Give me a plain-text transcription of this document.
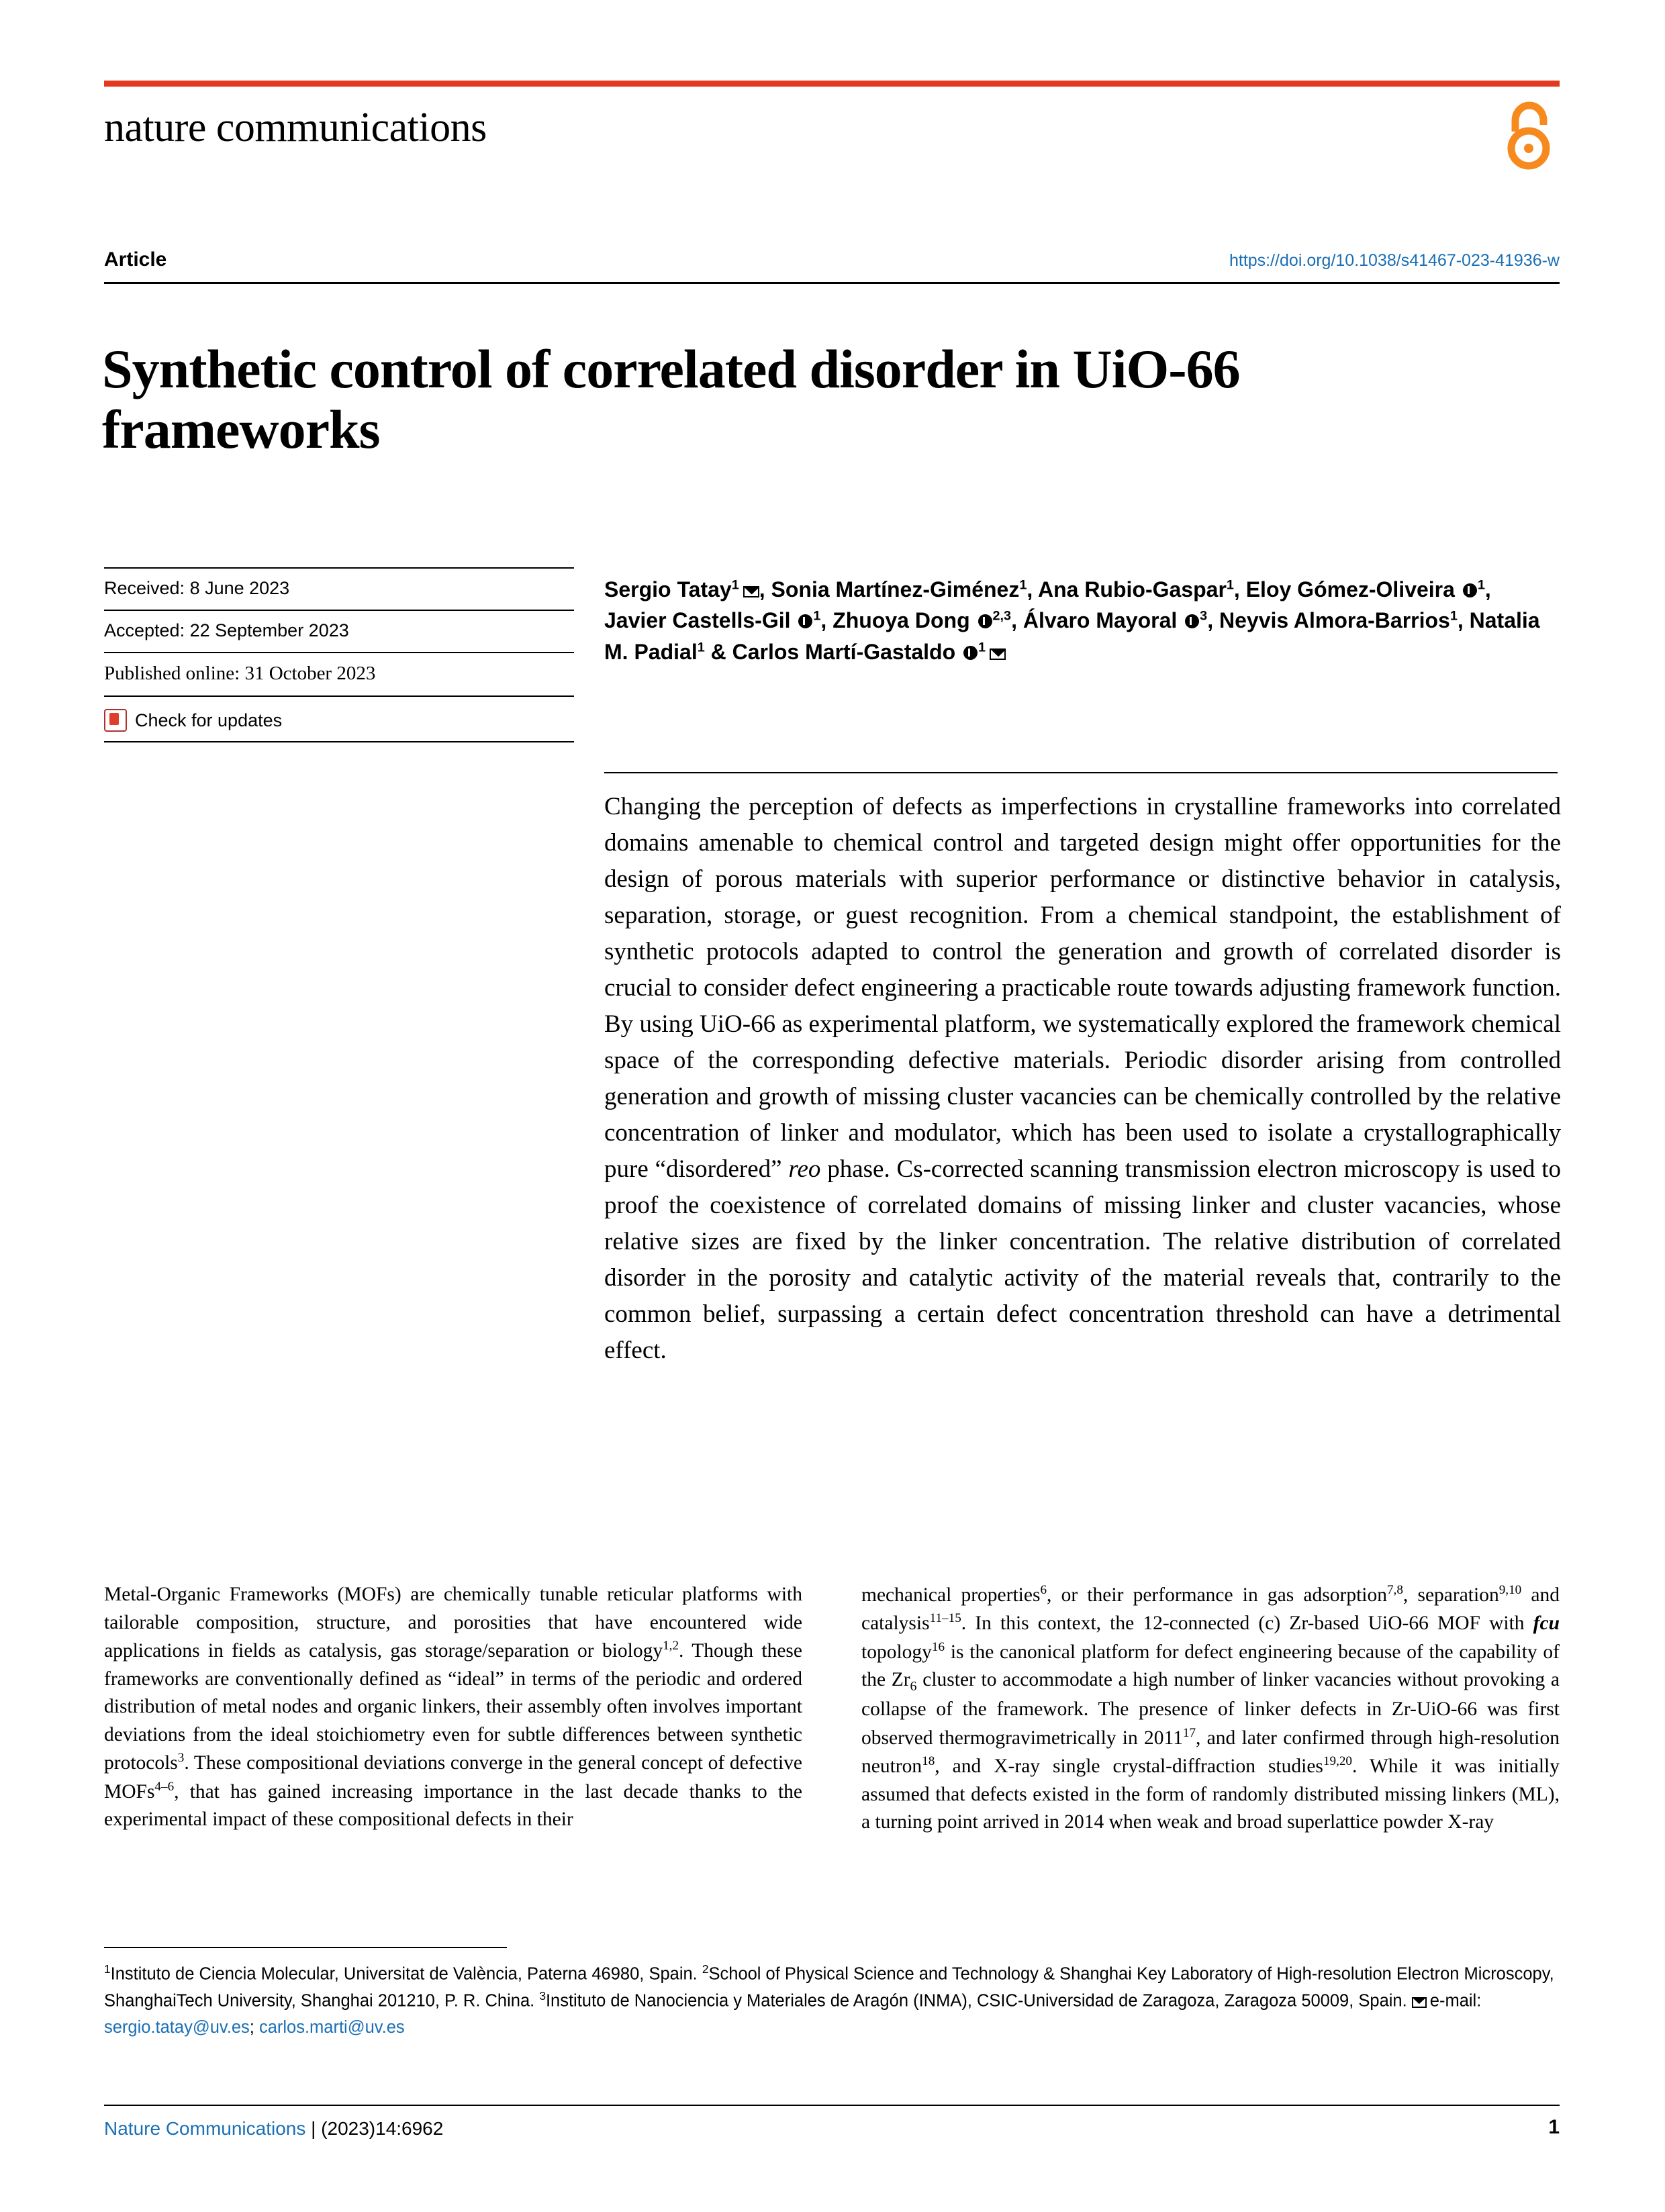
nature communications
Article	https://doi.org/10.1038/s41467-023-41936-w
Synthetic control of correlated disorder in UiO-66 frameworks
Received: 8 June 2023
Accepted: 22 September 2023
Published online: 31 October 2023
Check for updates
Sergio Tatay$^1$ , Sonia Martínez-Giménez$^1$, Ana Rubio-Gaspar$^1$, Eloy Gómez-Oliveira $^1$, Javier Castells-Gil $^1$, Zhuoya Dong $^{2,3}$, Álvaro Mayoral $^3$, Neyvis Almora-Barrios$^1$, Natalia M. Padial$^1$ & Carlos Martí-Gastaldo $^1$
Changing the perception of defects as imperfections in crystalline frameworks into correlated domains amenable to chemical control and targeted design might offer opportunities for the design of porous materials with superior performance or distinctive behavior in catalysis, separation, storage, or guest recognition. From a chemical standpoint, the establishment of synthetic protocols adapted to control the generation and growth of correlated disorder is crucial to consider defect engineering a practicable route towards adjusting framework function. By using UiO-66 as experimental platform, we systematically explored the framework chemical space of the corresponding defective materials. Periodic disorder arising from controlled generation and growth of missing cluster vacancies can be chemically controlled by the relative concentration of linker and modulator, which has been used to isolate a crystallographically pure “disordered” reo phase. Cs-corrected scanning transmission electron microscopy is used to proof the coexistence of correlated domains of missing linker and cluster vacancies, whose relative sizes are fixed by the linker concentration. The relative distribution of correlated disorder in the porosity and catalytic activity of the material reveals that, contrarily to the common belief, surpassing a certain defect concentration threshold can have a detrimental effect.
Metal-Organic Frameworks (MOFs) are chemically tunable reticular platforms with tailorable composition, structure, and porosities that have encountered wide applications in fields as catalysis, gas storage/separation or biology$^{1,2}$. Though these frameworks are conventionally defined as “ideal” in terms of the periodic and ordered distribution of metal nodes and organic linkers, their assembly often involves important deviations from the ideal stoichiometry even for subtle differences between synthetic protocols$^3$. These compositional deviations converge in the general concept of defective MOFs$^{4-6}$, that has gained increasing importance in the last decade thanks to the experimental impact of these compositional defects in their
mechanical properties$^6$, or their performance in gas adsorption$^{7,8}$, separation$^{9,10}$ and catalysis$^{11-15}$. In this context, the 12-connected (c) Zr-based UiO-66 MOF with fcu topology$^{16}$ is the canonical platform for defect engineering because of the capability of the $Zr_6$ cluster to accommodate a high number of linker vacancies without provoking a collapse of the framework. The presence of linker defects in Zr-UiO-66 was first observed thermogravimetrically in 2011$^{17}$, and later confirmed through high-resolution neutron$^{18}$, and X-ray single crystal-diffraction studies$^{19,20}$. While it was initially assumed that defects existed in the form of randomly distributed missing linkers (ML), a turning point arrived in 2014 when weak and broad superlattice powder X-ray
$^1$Instituto de Ciencia Molecular, Universitat de València, Paterna 46980, Spain. $^2$School of Physical Science and Technology & Shanghai Key Laboratory of High-resolution Electron Microscopy, ShanghaiTech University, Shanghai 201210, P. R. China. $^3$Instituto de Nanociencia y Materiales de Aragón (INMA), CSIC-Universidad de Zaragoza, Zaragoza 50009, Spain. e-mail: sergio.tatay@uv.es; carlos.marti@uv.es
Nature Communications | (2023)14:6962	1
